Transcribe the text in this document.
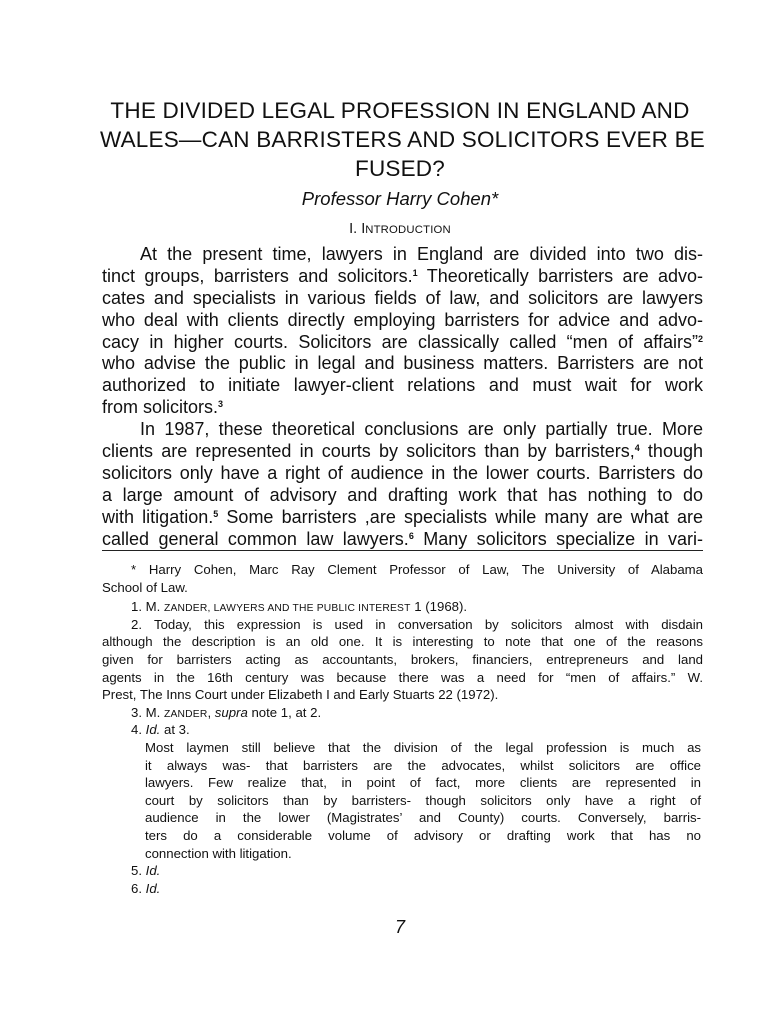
THE DIVIDED LEGAL PROFESSION IN ENGLAND AND
WALES—CAN BARRISTERS AND SOLICITORS EVER BE
FUSED?
Professor Harry Cohen*
I. INTRODUCTION
At the present time, lawyers in England are divided into two dis-
tinct groups, barristers and solicitors.$^1$ Theoretically barristers are advo-
cates and specialists in various fields of law, and solicitors are lawyers
who deal with clients directly employing barristers for advice and advo-
cacy in higher courts. Solicitors are classically called “men of affairs”$^2$
who advise the public in legal and business matters. Barristers are not
authorized to initiate lawyer-client relations and must wait for work
from solicitors.$^3$
In 1987, these theoretical conclusions are only partially true. More
clients are represented in courts by solicitors than by barristers,$^4$ though
solicitors only have a right of audience in the lower courts. Barristers do
a large amount of advisory and drafting work that has nothing to do
with litigation.$^5$ Some barristers ,are specialists while many are what are
called general common law lawyers.$^6$ Many solicitors specialize in vari-
* Harry Cohen, Marc Ray Clement Professor of Law, The University of Alabama
School of Law.
1. M. ZANDER, LAWYERS AND THE PUBLIC INTEREST 1 (1968).
2. Today, this expression is used in conversation by solicitors almost with disdain
although the description is an old one. It is interesting to note that one of the reasons
given for barristers acting as accountants, brokers, financiers, entrepreneurs and land
agents in the 16th century was because there was a need for “men of affairs.” W.
Prest, The Inns Court under Elizabeth I and Early Stuarts 22 (1972).
3. M. ZANDER, supra note 1, at 2.
4. Id. at 3.
Most laymen still believe that the division of the legal profession is much as
it always was- that barristers are the advocates, whilst solicitors are office
lawyers. Few realize that, in point of fact, more clients are represented in
court by solicitors than by barristers- though solicitors only have a right of
audience in the lower (Magistrates’ and County) courts. Conversely, barris-
ters do a considerable volume of advisory or drafting work that has no
connection with litigation.
5. Id.
6. Id.
7
